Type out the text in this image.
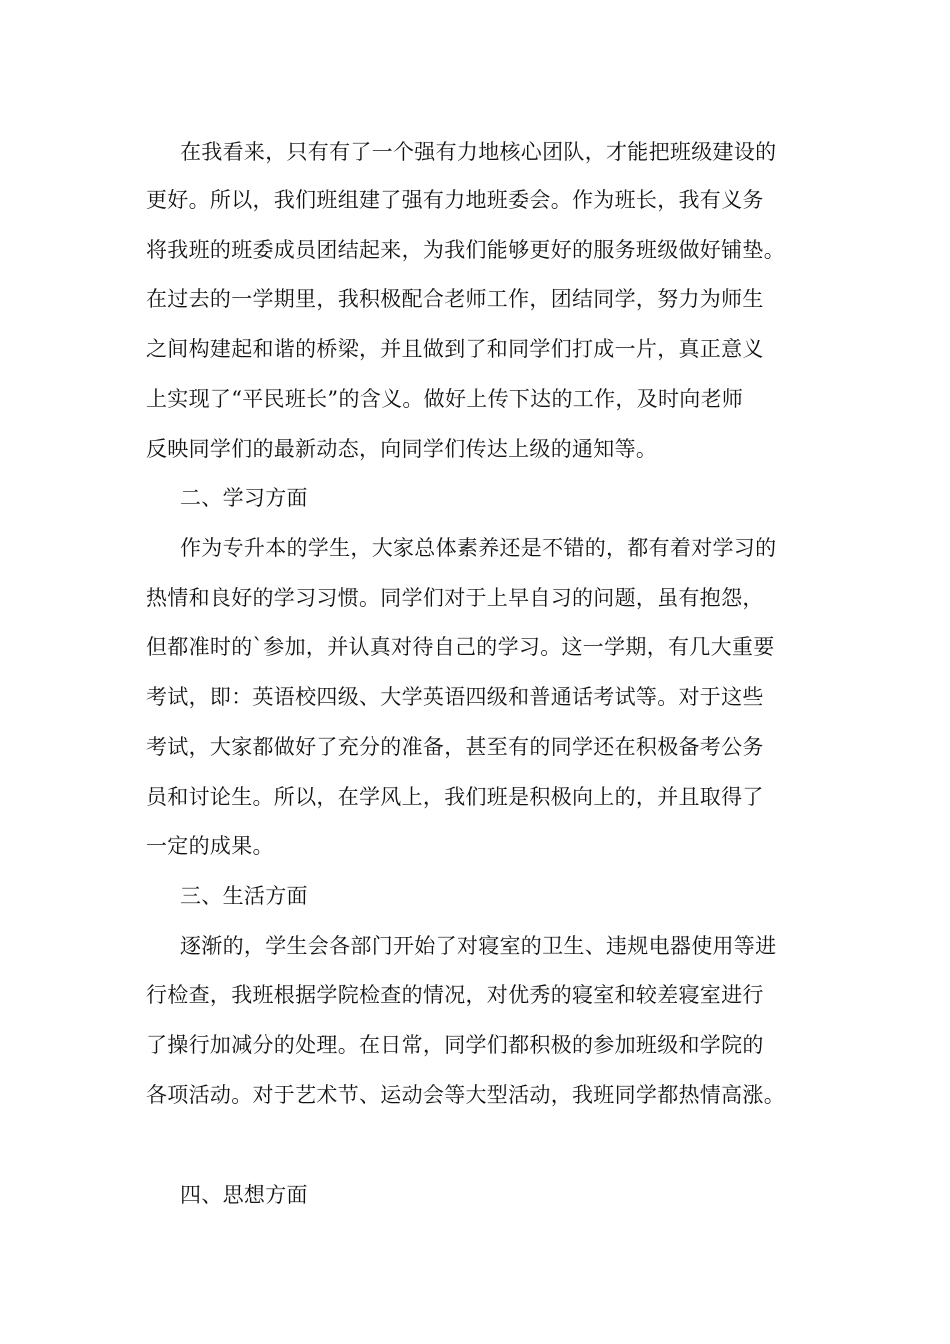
在我看来，只有有了一个强有力地核心团队，才能把班级建设的
更好。所以，我们班组建了强有力地班委会。作为班长，我有义务
将我班的班委成员团结起来，为我们能够更好的服务班级做好铺垫。
在过去的一学期里，我积极配合老师工作，团结同学，努力为师生
之间构建起和谐的桥梁，并且做到了和同学们打成一片，真正意义
上实现了“平民班长”的含义。做好上传下达的工作，及时向老师
反映同学们的最新动态，向同学们传达上级的通知等。
二、学习方面
作为专升本的学生，大家总体素养还是不错的，都有着对学习的
热情和良好的学习习惯。同学们对于上早自习的问题，虽有抱怨，
但都准时的`参加，并认真对待自己的学习。这一学期，有几大重要
考试，即：英语校四级、大学英语四级和普通话考试等。对于这些
考试，大家都做好了充分的准备，甚至有的同学还在积极备考公务
员和讨论生。所以，在学风上，我们班是积极向上的，并且取得了
一定的成果。
三、生活方面
逐渐的，学生会各部门开始了对寝室的卫生、违规电器使用等进
行检查，我班根据学院检查的情况，对优秀的寝室和较差寝室进行
了操行加减分的处理。在日常，同学们都积极的参加班级和学院的
各项活动。对于艺术节、运动会等大型活动，我班同学都热情高涨。
四、思想方面
